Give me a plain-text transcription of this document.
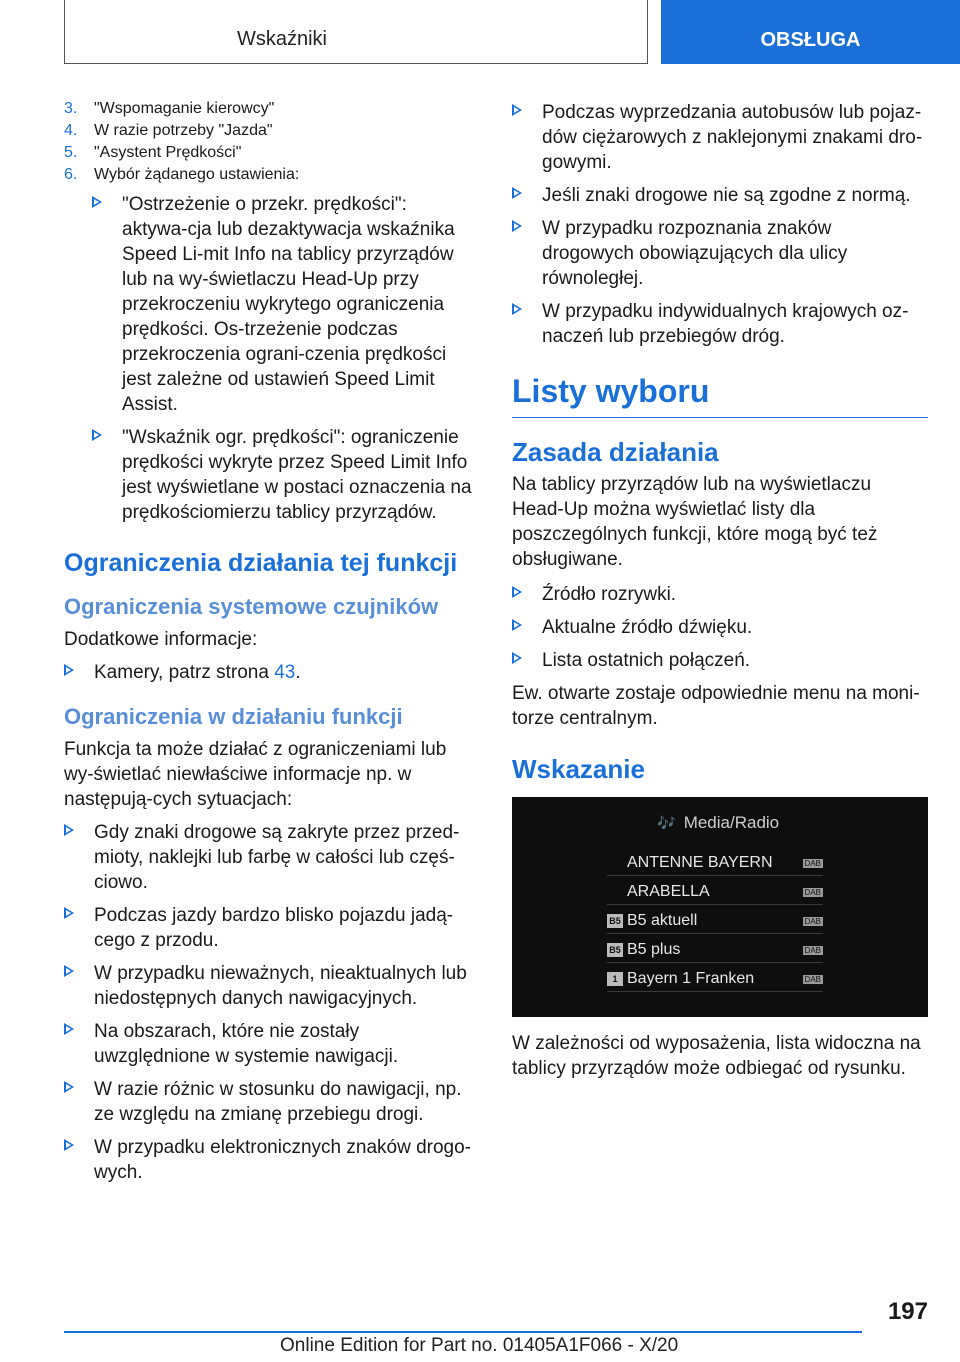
Wskaźniki	OBSŁUGA
3. "Wspomaganie kierowcy"
4. W razie potrzeby "Jazda"
5. "Asystent Prędkości"
6. Wybór żądanego ustawienia:
"Ostrzeżenie o przekr. prędkości": aktywa-cja lub dezaktywacja wskaźnika Speed Li-mit Info na tablicy przyrządów lub na wy-świetlaczu Head-Up przy przekroczeniu wykrytego ograniczenia prędkości. Os-trzeżenie podczas przekroczenia ograni-czenia prędkości jest zależne od ustawień Speed Limit Assist.
"Wskaźnik ogr. prędkości": ograniczenie prędkości wykryte przez Speed Limit Info jest wyświetlane w postaci oznaczenia na prędkościomierzu tablicy przyrządów.
Ograniczenia działania tej funkcji
Ograniczenia systemowe czujników

Dodatkowe informacje:

Kamery, patrz strona 43.
Ograniczenia w działaniu funkcji

Funkcja ta może działać z ograniczeniami lub wy-świetlać niewłaściwe informacje np. w następują-cych sytuacjach:

Gdy znaki drogowe są zakryte przez przed-mioty, naklejki lub farbę w całości lub częś-ciowo.
Podczas jazdy bardzo blisko pojazdu jadą-cego z przodu.
W przypadku nieważnych, nieaktualnych lub niedostępnych danych nawigacyjnych.
Na obszarach, które nie zostały uwzględnione w systemie nawigacji.
W razie różnic w stosunku do nawigacji, np. ze względu na zmianę przebiegu drogi.
W przypadku elektronicznych znaków drogo-wych.
Podczas wyprzedzania autobusów lub pojaz-dów ciężarowych z naklejonymi znakami dro-gowymi.
Jeśli znaki drogowe nie są zgodne z normą.
W przypadku rozpoznania znaków drogowych obowiązujących dla ulicy równoległej.
W przypadku indywidualnych krajowych oz-naczeń lub przebiegów dróg.
Listy wyboru
Zasada działania

Na tablicy przyrządów lub na wyświetlaczu Head-Up można wyświetlać listy dla poszczególnych funkcji, które mogą być też obsługiwane.

Źródło rozrywki.
Aktualne źródło dźwięku.
Lista ostatnich połączeń.

Ew. otwarte zostaje odpowiednie menu na moni-torze centralnym.

Wskazanie
🎶 Media/Radio
ANTENNE BAYERN	DAB
ARABELLA	DAB
B5 B5 aktuell	DAB
B5 B5 plus	DAB
1 Bayern 1 Franken	DAB

W zależności od wyposażenia, lista widoczna na tablicy przyrządów może odbiegać od rysunku.

197
Online Edition for Part no. 01405A1F066 - X/20
